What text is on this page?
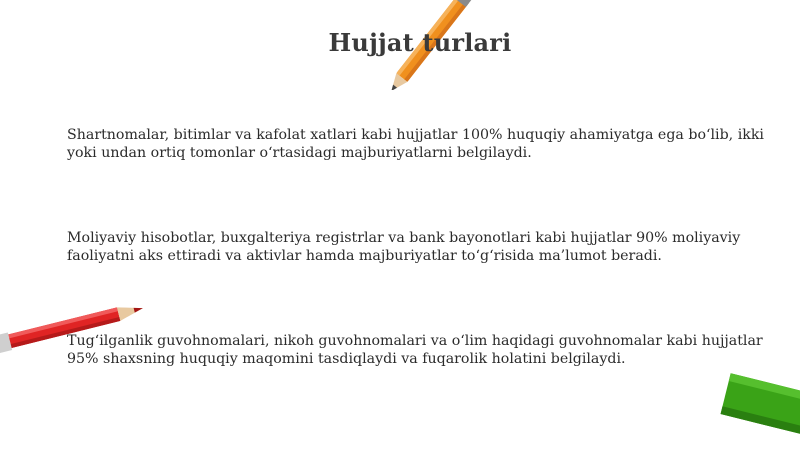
Hujjat turlari
Shartnomalar, bitimlar va kafolat xatlari kabi hujjatlar 100% huquqiy ahamiyatga ega bo‘lib, ikki yoki undan ortiq tomonlar o‘rtasidagi majburiyatlarni belgilaydi.
Moliyaviy hisobotlar, buxgalteriya registrlar va bank bayonotlari kabi hujjatlar 90% moliyaviy faoliyatni aks ettiradi va aktivlar hamda majburiyatlar to‘g‘risida ma’lumot beradi.
Tug‘ilganlik guvohnomalari, nikoh guvohnomalari va o‘lim haqidagi guvohnomalar kabi hujjatlar 95% shaxsning huquqiy maqomini tasdiqlaydi va fuqarolik holatini belgilaydi.
